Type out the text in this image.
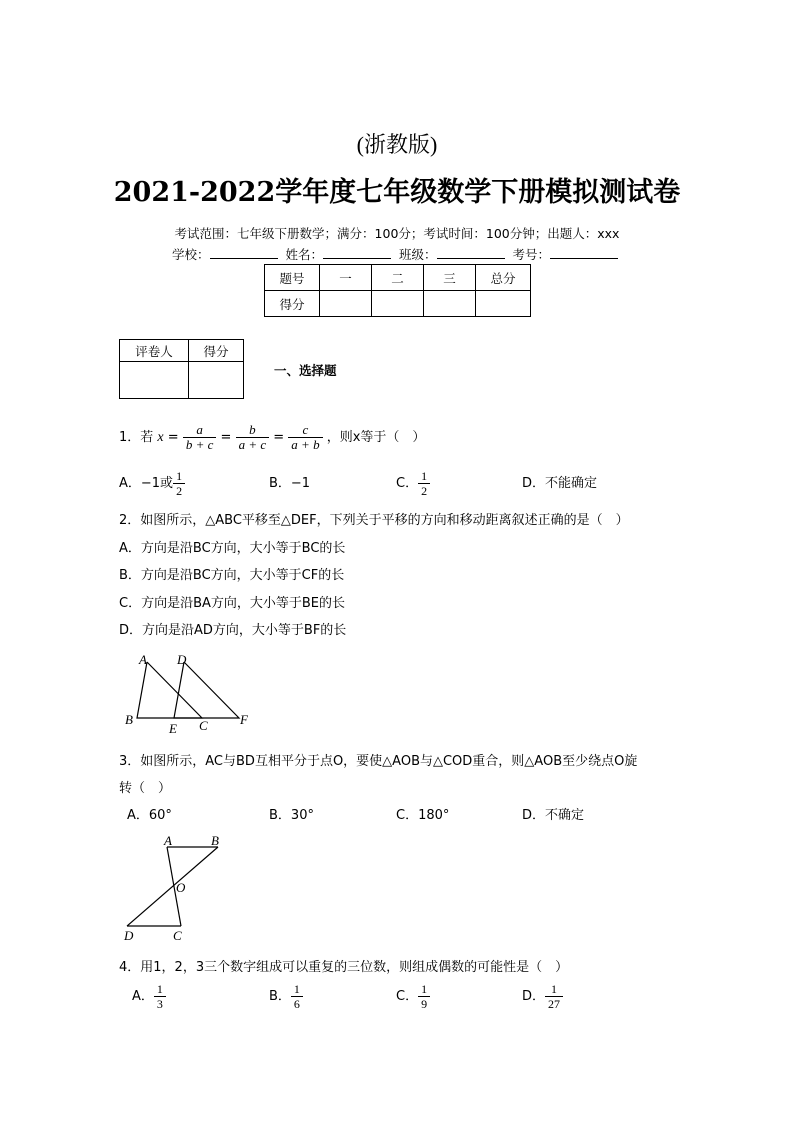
(浙教版)
2021-2022学年度七年级数学下册模拟测试卷
考试范围：七年级下册数学；满分：100分；考试时间：100分钟；出题人：xxx
学校：	姓名：	班级：	考号：
题号	一	二	三	总分
得分				
评卷人	得分

一、选择题
1．若 $x = \frac{a}{b + c} = \frac{b}{a + c} = \frac{c}{a + b}$ ，则x等于（　）
A．−1或 $\frac{1}{2}$	B．−1	C． $\frac{1}{2}$	D．不能确定
2．如图所示，△ABC平移至△DEF，下列关于平移的方向和移动距离叙述正确的是（　）
A．方向是沿BC方向，大小等于BC的长
B．方向是沿BC方向，大小等于CF的长
C．方向是沿BA方向，大小等于BE的长
D．方向是沿AD方向，大小等于BF的长
A D
B
E C F
3．如图所示，AC与BD互相平分于点O，要使△AOB与△COD重合，则△AOB至少绕点O旋
转（　）
A．60°	B．30°	C．180°	D．不确定
A	B
O
D	C
4．用1，2，3三个数字组成可以重复的三位数，则组成偶数的可能性是（　）
A． $\frac{1}{3}$	B． $\frac{1}{6}$	C． $\frac{1}{9}$	D． $\frac{1}{27}$
